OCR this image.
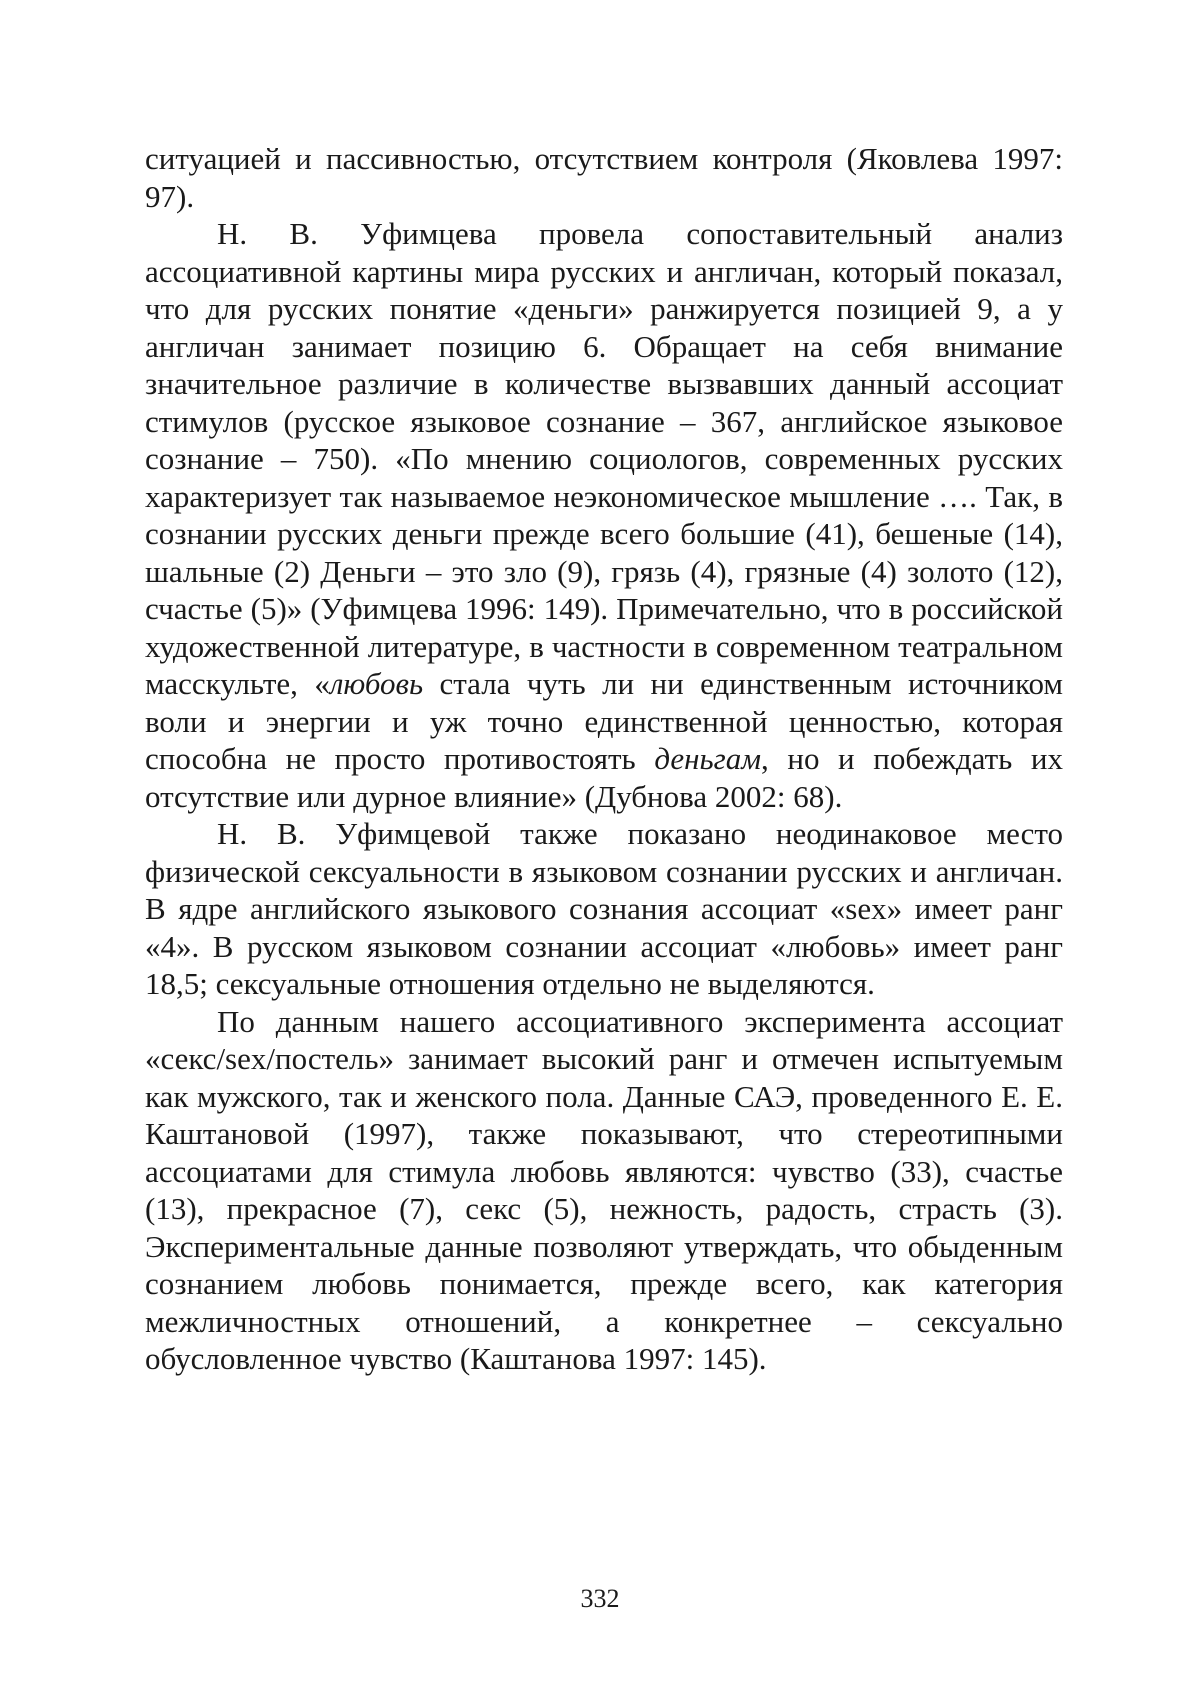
ситуацией и пассивностью, отсутствием контроля (Яковлева 1997: 97).

Н. В. Уфимцева провела сопоставительный анализ ассоциативной картины мира русских и англичан, который показал, что для русских понятие «деньги» ранжируется позицией 9, а у англичан занимает позицию 6. Обращает на себя внимание значительное различие в количестве вызвавших данный ассоциат стимулов (русское языковое сознание – 367, английское языковое сознание – 750). «По мнению социологов, современных русских характеризует так называемое неэкономическое мышление …. Так, в сознании русских деньги прежде всего большие (41), бешеные (14), шальные (2) Деньги – это зло (9), грязь (4), грязные (4) золото (12), счастье (5)» (Уфимцева 1996: 149). Примечательно, что в российской художественной литературе, в частности в современном театральном масскульте, «любовь стала чуть ли ни единственным источником воли и энергии и уж точно единственной ценностью, которая способна не просто противостоять деньгам, но и побеждать их отсутствие или дурное влияние» (Дубнова 2002: 68).

Н. В. Уфимцевой также показано неодинаковое место физической сексуальности в языковом сознании русских и англичан. В ядре английского языкового сознания ассоциат «sex» имеет ранг «4». В русском языковом сознании ассоциат «любовь» имеет ранг 18,5; сексуальные отношения отдельно не выделяются.

По данным нашего ассоциативного эксперимента ассоциат «секс/sex/постель» занимает высокий ранг и отмечен испытуемым как мужского, так и женского пола. Данные САЭ, проведенного Е. Е. Каштановой (1997), также показывают, что стереотипными ассоциатами для стимула любовь являются: чувство (33), счастье (13), прекрасное (7), секс (5), нежность, радость, страсть (3). Экспериментальные данные позволяют утверждать, что обыденным сознанием любовь понимается, прежде всего, как категория межличностных отношений, а конкретнее – сексуально обусловленное чувство (Каштанова 1997: 145).

332
